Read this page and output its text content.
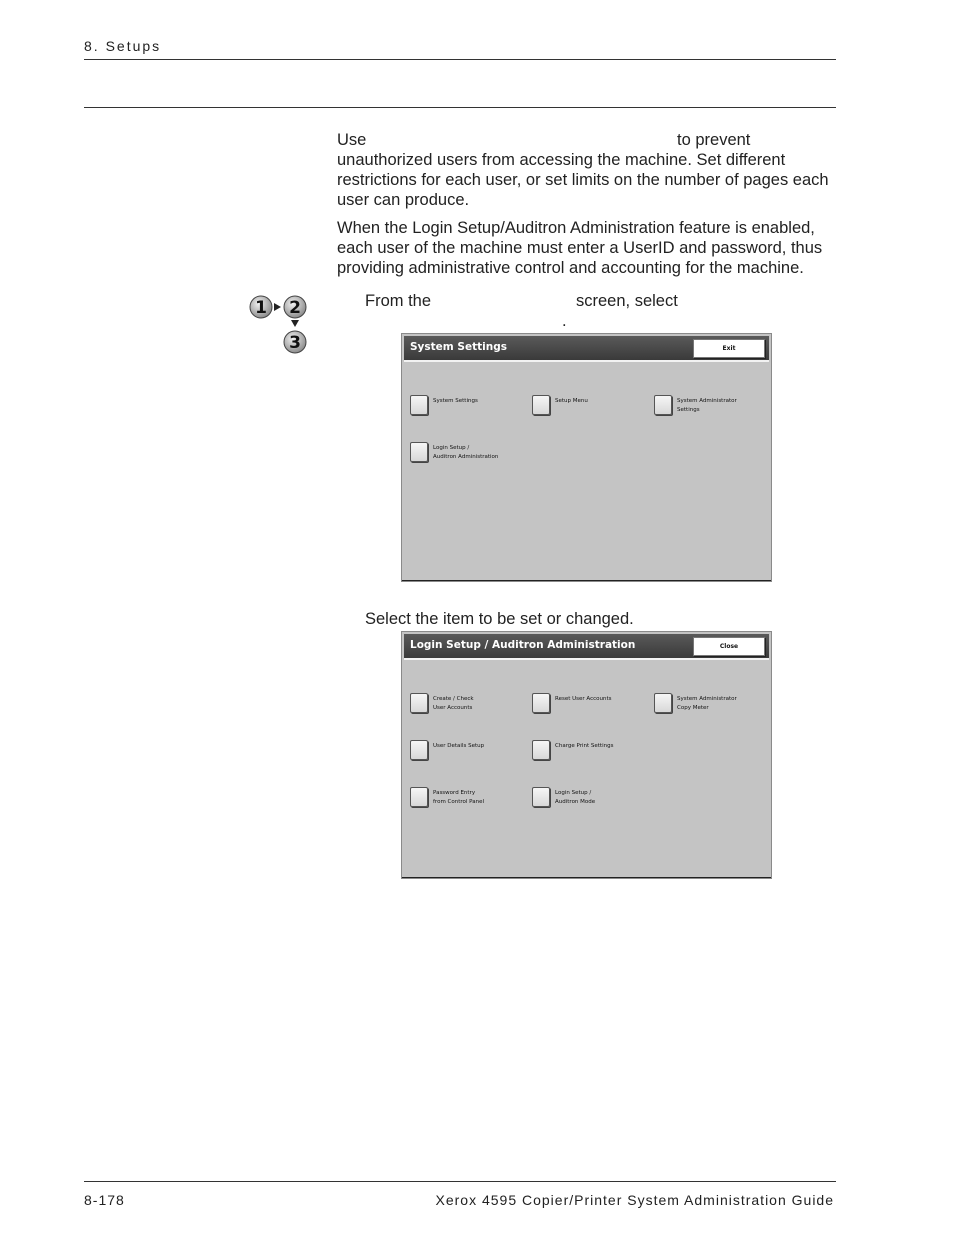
8. Setups
Use	to prevent
unauthorized users from accessing the machine. Set different restrictions for each user, or set limits on the number of pages each user can produce.
When the Login Setup/Auditron Administration feature is enabled, each user of the machine must enter a UserID and password, thus providing administrative control and accounting for the machine.
1 2
3
From the	screen, select
.
System Settings	Exit
System Settings	Setup Menu	System Administrator
Settings
Login Setup /
Auditron Administration
Select the item to be set or changed.
Login Setup / Auditron Administration	Close
Create / Check
User Accounts
Reset User Accounts	System Administrator
Copy Meter
User Details Setup	Charge Print Settings
Password Entry
from Control Panel
Login Setup /
Auditron Mode
8-178	Xerox 4595 Copier/Printer System Administration Guide
